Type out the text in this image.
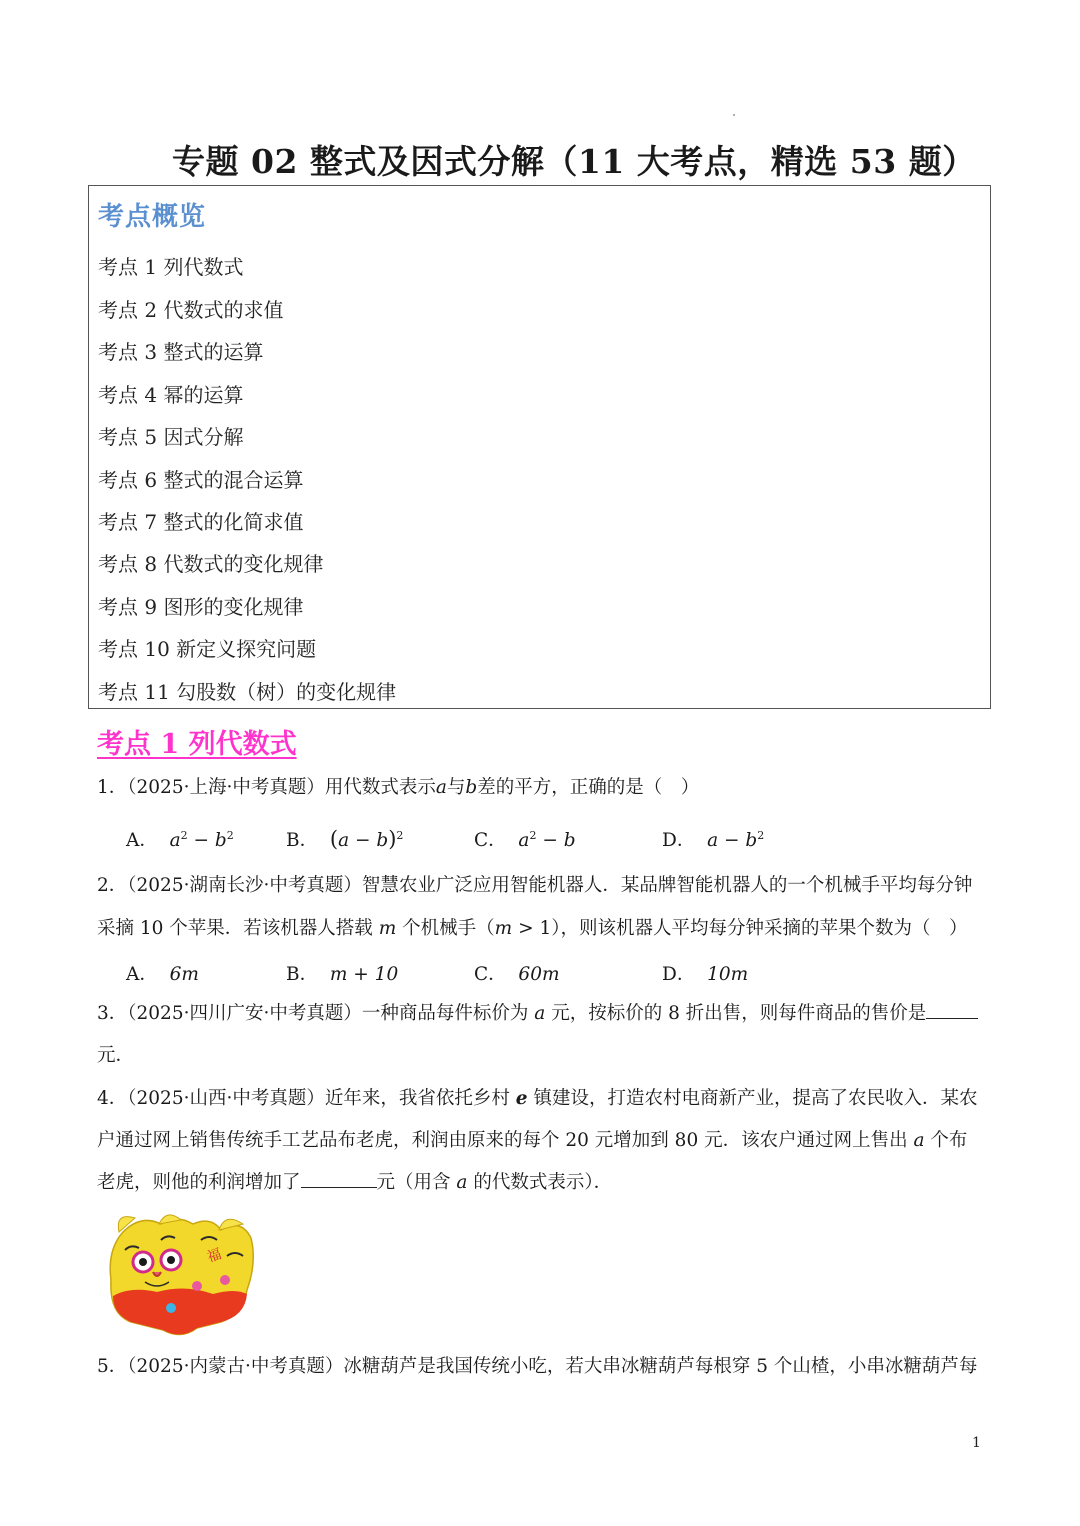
专题 02 整式及因式分解（11 大考点，精选 53 题）
考点概览
考点 1 列代数式
考点 2 代数式的求值
考点 3 整式的运算
考点 4 幂的运算
考点 5 因式分解
考点 6 整式的混合运算
考点 7 整式的化简求值
考点 8 代数式的变化规律
考点 9 图形的变化规律
考点 10 新定义探究问题
考点 11 勾股数（树）的变化规律
考点 1 列代数式
1．（2025·上海·中考真题）用代数式表示a与b差的平方，正确的是（　）
A． $a^2 - b^2$	B． $(a - b)^2$	C． $a^2 - b$	D． $a - b^2$
2．（2025·湖南长沙·中考真题）智慧农业广泛应用智能机器人．某品牌智能机器人的一个机械手平均每分钟
采摘 10 个苹果．若该机器人搭载 m 个机械手（m > 1），则该机器人平均每分钟采摘的苹果个数为（　）
A． 6m	B． m + 10	C． 60m	D． 10m
3．（2025·四川广安·中考真题）一种商品每件标价为 a 元，按标价的 8 折出售，则每件商品的售价是
元．
4．（2025·山西·中考真题）近年来，我省依托乡村 e 镇建设，打造农村电商新产业，提高了农民收入．某农
户通过网上销售传统手工艺品布老虎，利润由原来的每个 20 元增加到 80 元．该农户通过网上售出 a 个布
老虎，则他的利润增加了	元（用含 a 的代数式表示）．
福
5．（2025·内蒙古·中考真题）冰糖葫芦是我国传统小吃，若大串冰糖葫芦每根穿 5 个山楂，小串冰糖葫芦每
1
